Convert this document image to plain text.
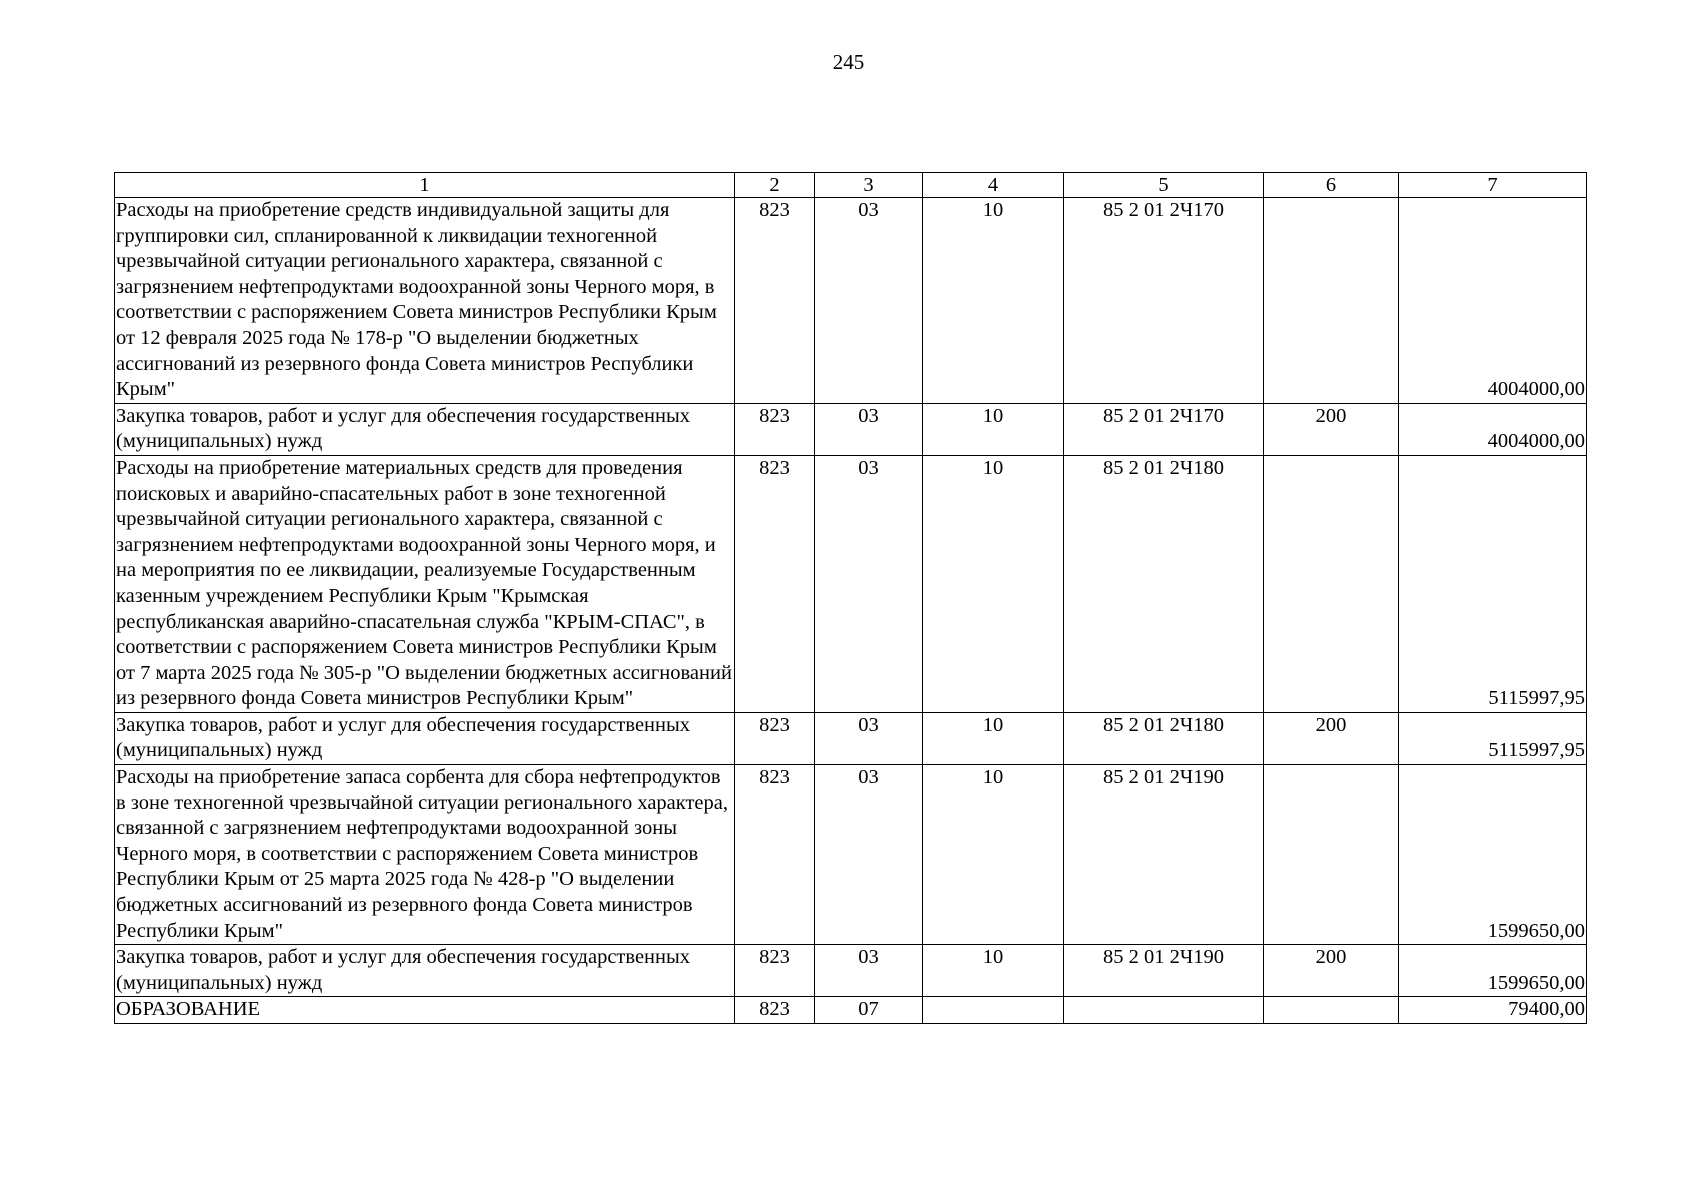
245
1	2	3	4	5	6	7
Расходы на приобретение средств индивидуальной защиты для группировки сил, спланированной к ликвидации техногенной чрезвычайной ситуации регионального характера, связанной с загрязнением нефтепродуктами водоохранной зоны Черного моря, в соответствии с распоряжением Совета министров Республики Крым от 12 февраля 2025 года № 178-р "О выделении бюджетных ассигнований из резервного фонда Совета министров Республики Крым"	823	03	10	85 2 01 2Ч170		4004000,00
Закупка товаров, работ и услуг для обеспечения государственных (муниципальных) нужд	823	03	10	85 2 01 2Ч170	200	4004000,00
Расходы на приобретение материальных средств для проведения поисковых и аварийно-спасательных работ в зоне техногенной чрезвычайной ситуации регионального характера, связанной с загрязнением нефтепродуктами водоохранной зоны Черного моря, и на мероприятия по ее ликвидации, реализуемые Государственным казенным учреждением Республики Крым "Крымская республиканская аварийно-спасательная служба "КРЫМ-СПАС", в соответствии с распоряжением Совета министров Республики Крым от 7 марта 2025 года № 305-р "О выделении бюджетных ассигнований из резервного фонда Совета министров Республики Крым"	823	03	10	85 2 01 2Ч180		5115997,95
Закупка товаров, работ и услуг для обеспечения государственных (муниципальных) нужд	823	03	10	85 2 01 2Ч180	200	5115997,95
Расходы на приобретение запаса сорбента для сбора нефтепродуктов в зоне техногенной чрезвычайной ситуации регионального характера, связанной с загрязнением нефтепродуктами водоохранной зоны Черного моря, в соответствии с распоряжением Совета министров Республики Крым от 25 марта 2025 года № 428-р "О выделении бюджетных ассигнований из резервного фонда Совета министров Республики Крым"	823	03	10	85 2 01 2Ч190		1599650,00
Закупка товаров, работ и услуг для обеспечения государственных (муниципальных) нужд	823	03	10	85 2 01 2Ч190	200	1599650,00
ОБРАЗОВАНИЕ	823	07				79400,00
